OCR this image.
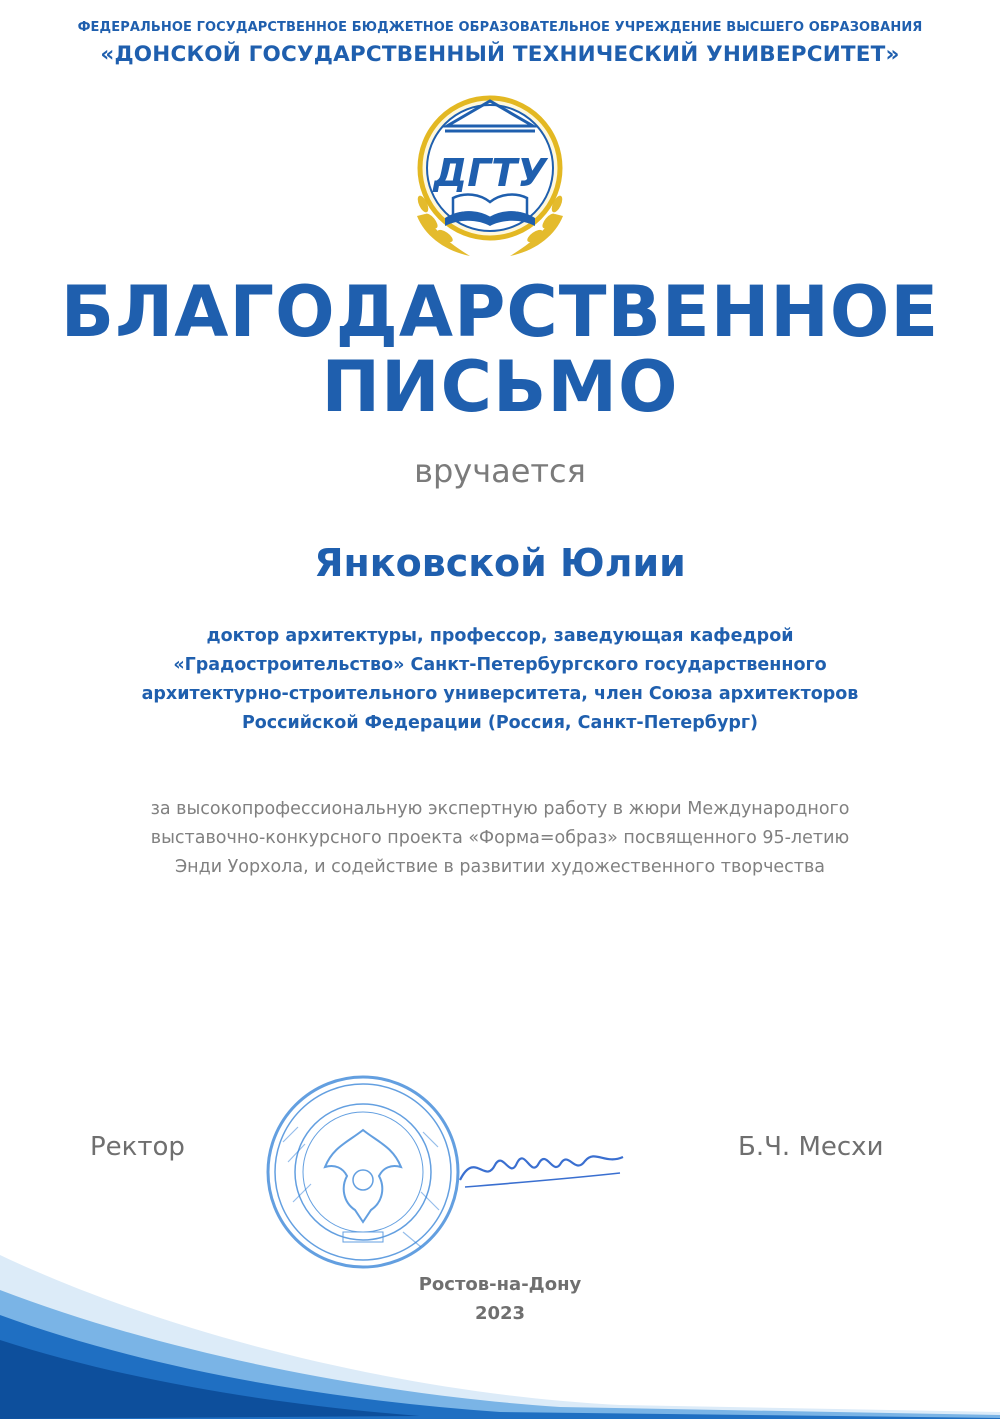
ФЕДЕРАЛЬНОЕ ГОСУДАРСТВЕННОЕ БЮДЖЕТНОЕ ОБРАЗОВАТЕЛЬНОЕ УЧРЕЖДЕНИЕ ВЫСШЕГО ОБРАЗОВАНИЯ
«ДОНСКОЙ ГОСУДАРСТВЕННЫЙ ТЕХНИЧЕСКИЙ УНИВЕРСИТЕТ»
ДГТУ
БЛАГОДАРСТВЕННОЕ
ПИСЬМО
вручается
Янковской Юлии
доктор архитектуры, профессор, заведующая кафедрой
«Градостроительство» Санкт-Петербургского государственного
архитектурно-строительного университета, член Союза архитекторов
Российской Федерации (Россия, Санкт-Петербург)
за высокопрофессиональную экспертную работу в жюри Международного
выставочно-конкурсного проекта «Форма=образ» посвященного 95-летию
Энди Уорхола, и содействие в развитии художественного творчества
Ректор	Б.Ч. Месхи
Ростов-на-Дону
2023
